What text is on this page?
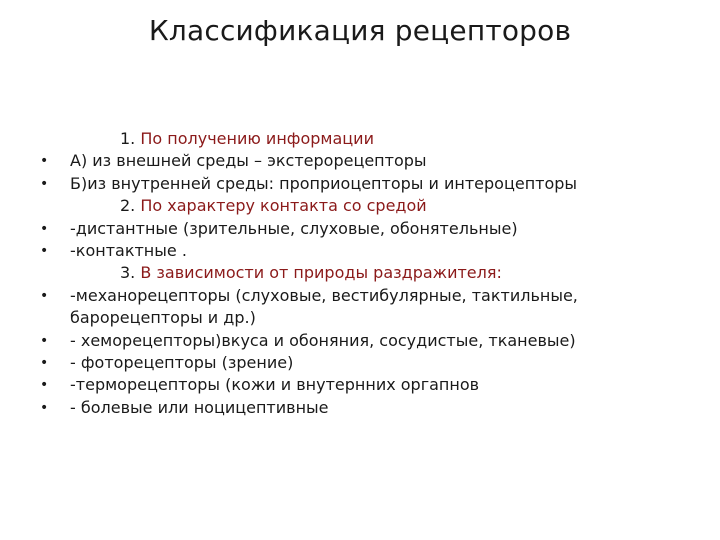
Классификация рецепторов
1. По получению информации
•	А) из внешней среды – экстерорецепторы
•	Б)из внутренней среды: проприоцепторы и интероцепторы
2. По характеру контакта со средой
•	-дистантные (зрительные, слуховые, обонятельные)
•	-контактные .
3. В зависимости от природы раздражителя:
•	-механорецепторы (слуховые, вестибулярные, тактильные, барорецепторы и др.)
•	- хеморецепторы)вкуса и обоняния, сосудистые, тканевые)
•	- фоторецепторы (зрение)
•	-терморецепторы (кожи и внутернних оргапнов
•	- болевые или ноцицептивные
